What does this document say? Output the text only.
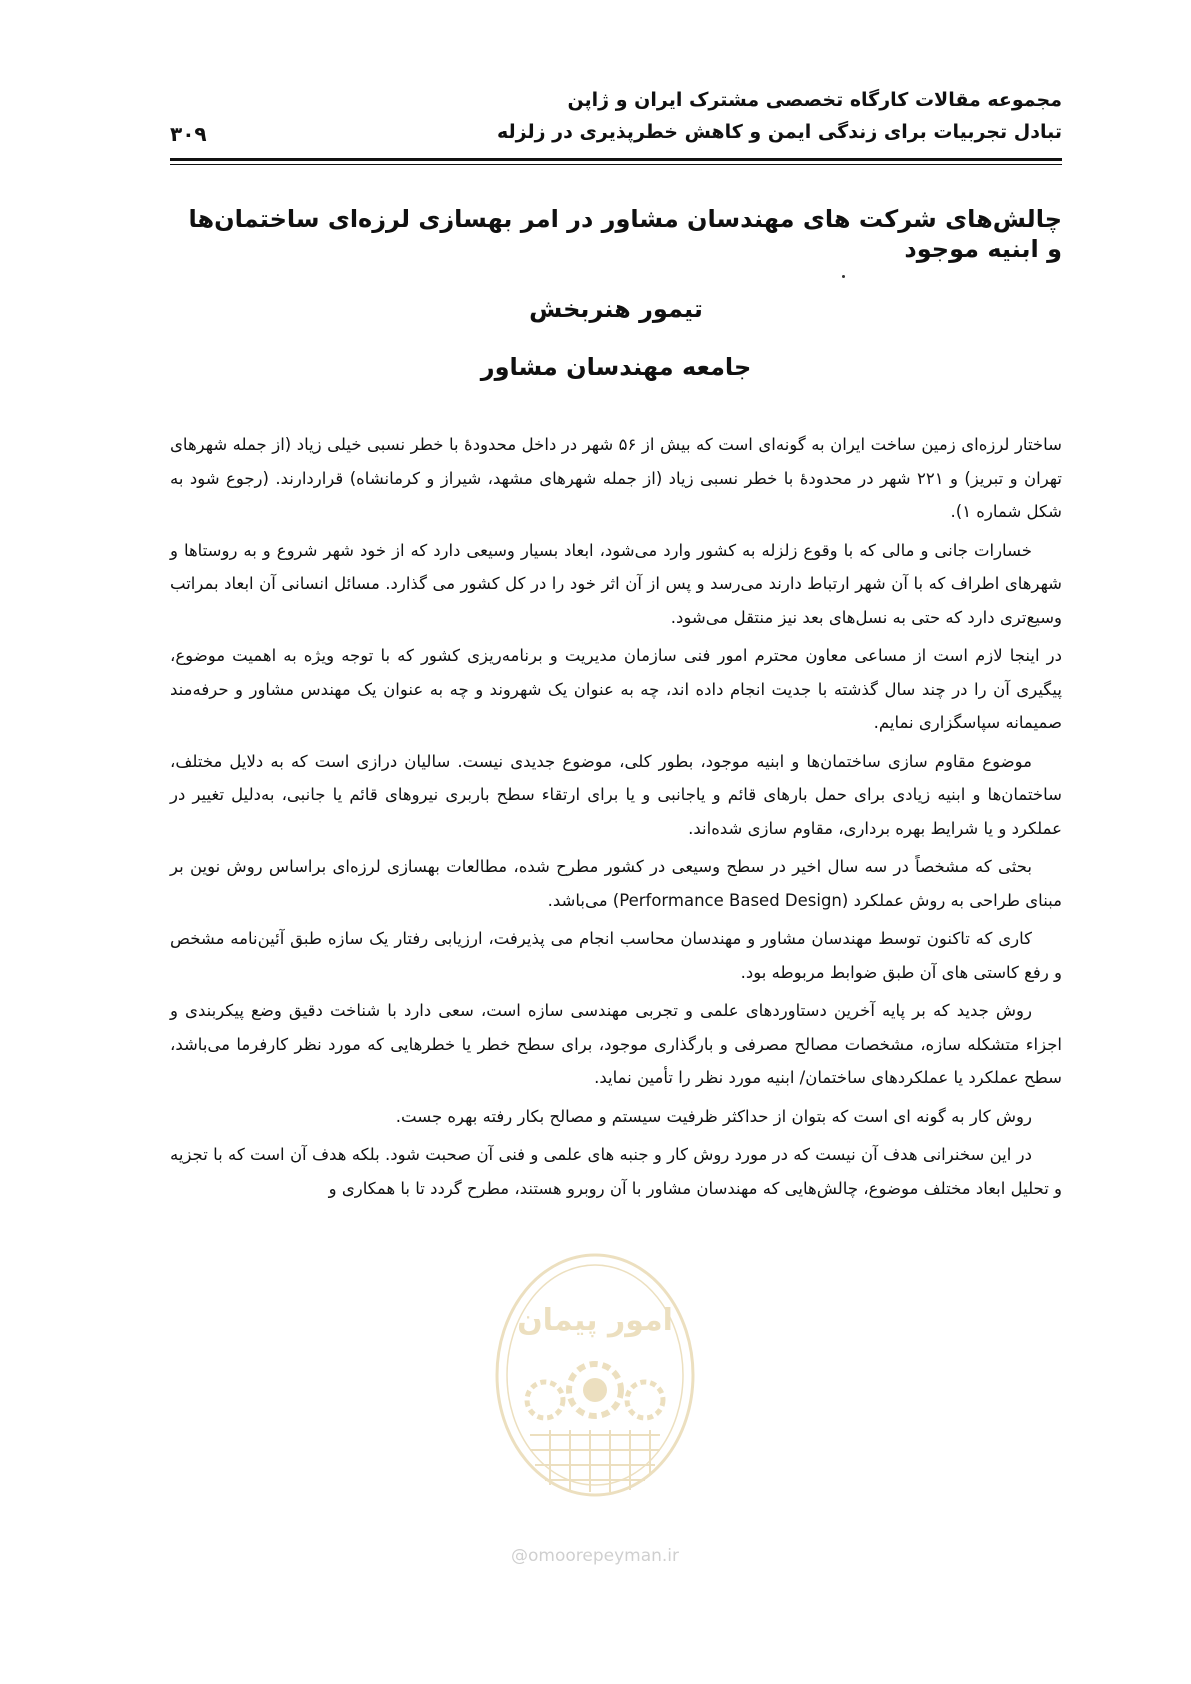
مجموعه مقالات کارگاه تخصصی مشترک ایران و ژاپن
تبادل تجربیات برای زندگی ایمن و کاهش خطرپذیری در زلزله
۳۰۹
چالش‌های شرکت های مهندسان مشاور در امر بهسازی لرزه‌ای ساختمان‌ها و ابنیه موجود
تیمور هنربخش
جامعه مهندسان مشاور

ساختار لرزه‌ای زمین ساخت ایران به گونه‌ای است که بیش از ۵۶ شهر در داخل محدودهٔ با خطر نسبی خیلی زیاد (از جمله شهرهای تهران و تبریز) و ۲۲۱ شهر در محدودهٔ با خطر نسبی زیاد (از جمله شهرهای مشهد، شیراز و کرمانشاه) قراردارند. (رجوع شود به شکل شماره ۱).

خسارات جانی و مالی که با وقوع زلزله به کشور وارد می‌شود، ابعاد بسیار وسیعی دارد که از خود شهر شروع و به روستاها و شهرهای اطراف که با آن شهر ارتباط دارند می‌رسد و پس از آن اثر خود را در کل کشور می گذارد. مسائل انسانی آن ابعاد بمراتب وسیع‌تری دارد که حتی به نسل‌های بعد نیز منتقل می‌شود.

در اینجا لازم است از مساعی معاون محترم امور فنی سازمان مدیریت و برنامه‌ریزی کشور که با توجه ویژه به اهمیت موضوع، پیگیری آن را در چند سال گذشته با جدیت انجام داده اند، چه به عنوان یک شهروند و چه به عنوان یک مهندس مشاور و حرفه‌مند صمیمانه سپاسگزاری نمایم.

موضوع مقاوم سازی ساختمان‌ها و ابنیه موجود، بطور کلی، موضوع جدیدی نیست. سالیان درازی است که به دلایل مختلف، ساختمان‌ها و ابنیه زیادی برای حمل بارهای قائم و یاجانبی و یا برای ارتقاء سطح باربری نیروهای قائم یا جانبی، به‌دلیل تغییر در عملکرد و یا شرایط بهره برداری، مقاوم سازی شده‌اند.

بحثی که مشخصاً در سه سال اخیر در سطح وسیعی در کشور مطرح شده، مطالعات بهسازی لرزه‌ای براساس روش نوین بر مبنای طراحی به روش عملکرد (Performance Based Design) می‌باشد.

کاری که تاکنون توسط مهندسان مشاور و مهندسان محاسب انجام می پذیرفت، ارزیابی رفتار یک سازه طبق آئین‌نامه مشخص و رفع کاستی های آن طبق ضوابط مربوطه بود.

روش جدید که بر پایه آخرین دستاوردهای علمی و تجربی مهندسی سازه است، سعی دارد با شناخت دقیق وضع پیکربندی و اجزاء متشکله سازه، مشخصات مصالح مصرفی و بارگذاری موجود، برای سطح خطر یا خطرهایی که مورد نظر کارفرما می‌باشد، سطح عملکرد یا عملکردهای ساختمان/ ابنیه مورد نظر را تأمین نماید.

روش کار به گونه ای است که بتوان از حداکثر ظرفیت سیستم و مصالح بکار رفته بهره جست.

در این سخنرانی هدف آن نیست که در مورد روش کار و جنبه های علمی و فنی آن صحبت شود. بلکه هدف آن است که با تجزیه و تحلیل ابعاد مختلف موضوع، چالش‌هایی که مهندسان مشاور با آن روبرو هستند، مطرح گردد تا با همکاری و

امور پیمان
@omoorepeyman.ir
